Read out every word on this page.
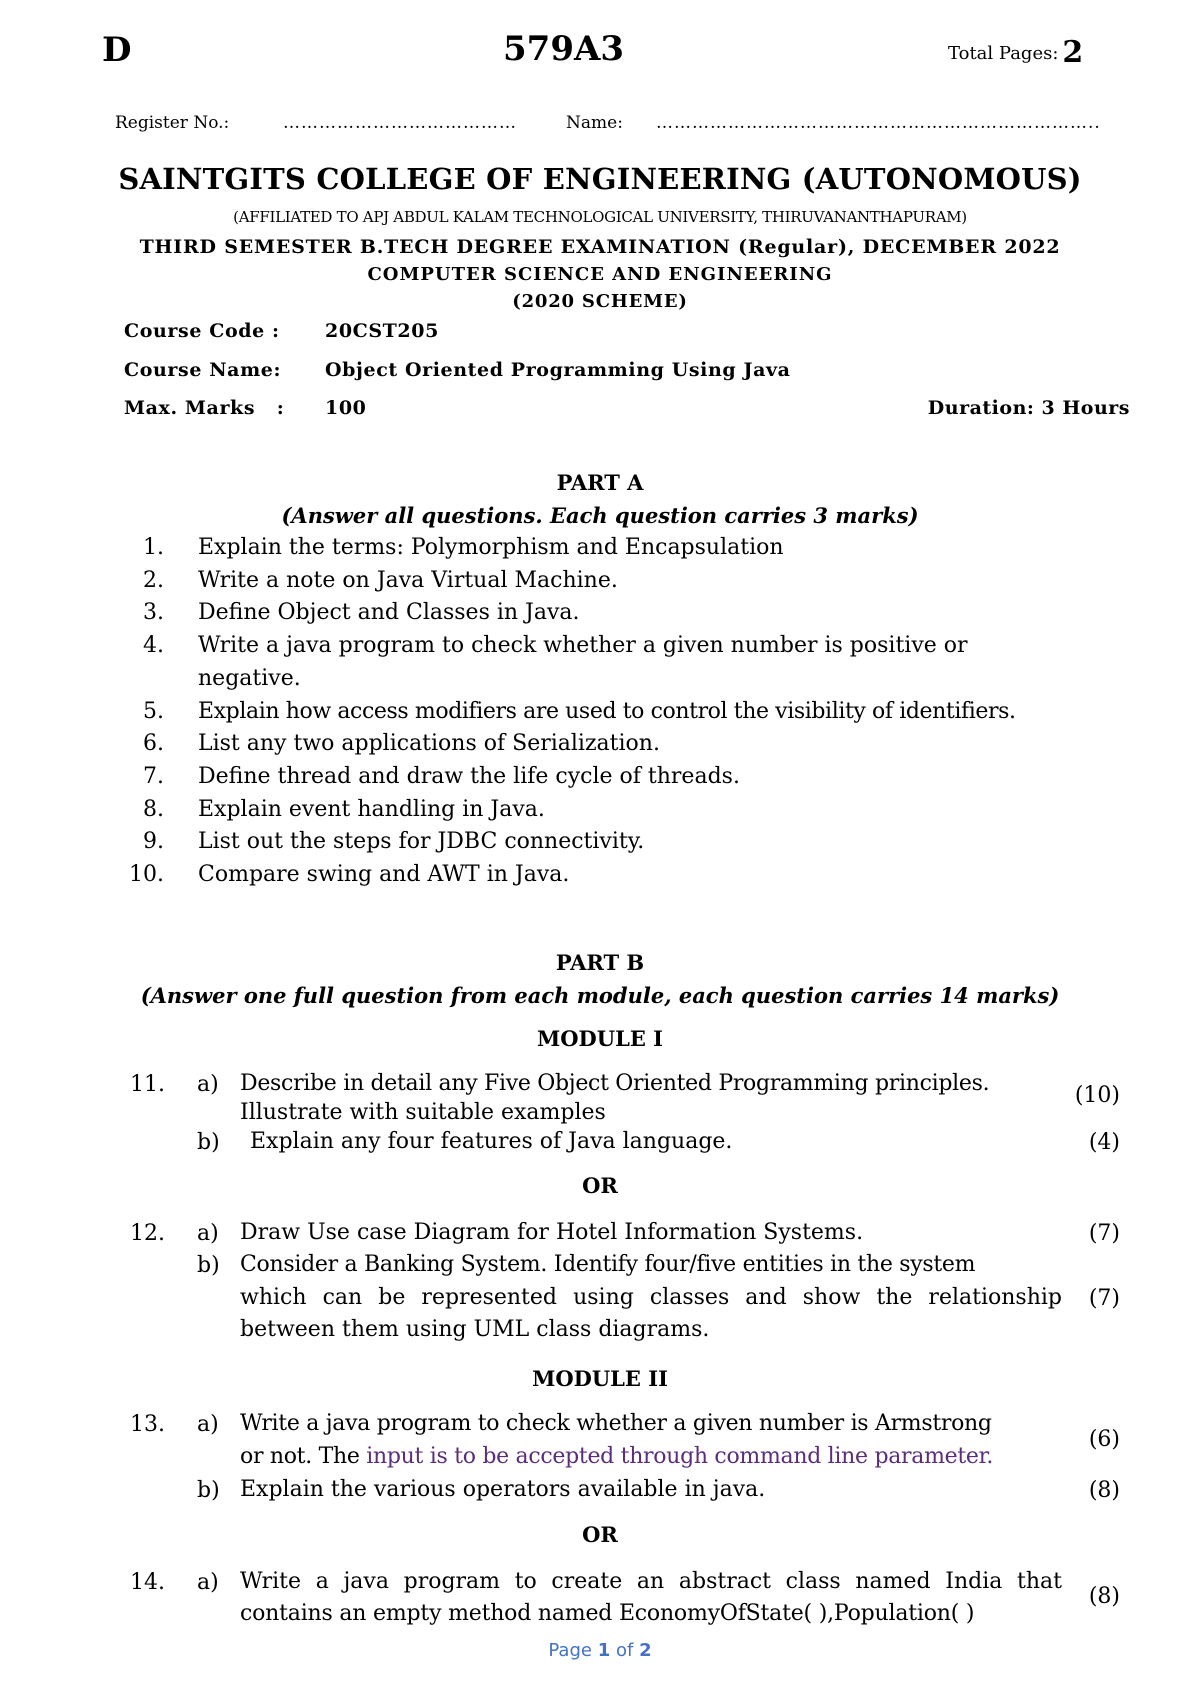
D	579A3	Total Pages: 2
Register No.:	…………………………………	Name: ………………………………………………………………..
SAINTGITS COLLEGE OF ENGINEERING (AUTONOMOUS)
(AFFILIATED TO APJ ABDUL KALAM TECHNOLOGICAL UNIVERSITY, THIRUVANANTHAPURAM)
THIRD SEMESTER B.TECH DEGREE EXAMINATION (Regular), DECEMBER 2022
COMPUTER SCIENCE AND ENGINEERING
(2020 SCHEME)
Course Code : 20CST205
Course Name: Object Oriented Programming Using Java
Max. Marks   : 100	Duration: 3 Hours
PART A
(Answer all questions. Each question carries 3 marks)
1. Explain the terms: Polymorphism and Encapsulation
2. Write a note on Java Virtual Machine.
3. Define Object and Classes in Java.
4. Write a java program to check whether a given number is positive or
negative.
5. Explain how access modifiers are used to control the visibility of identifiers.
6. List any two applications of Serialization.
7. Define thread and draw the life cycle of threads.
8. Explain event handling in Java.
9. List out the steps for JDBC connectivity.
10. Compare swing and AWT in Java.
PART B
(Answer one full question from each module, each question carries 14 marks)
MODULE I
11. a) Describe in detail any Five Object Oriented Programming principles.
Illustrate with suitable examples
(10)
b) Explain any four features of Java language.	(4)
OR
12. a) Draw Use case Diagram for Hotel Information Systems.	(7)
b) Consider a Banking System. Identify four/five entities in the system
which can be represented using classes and show the relationship
between them using UML class diagrams.
(7)
MODULE II
13. a) Write a java program to check whether a given number is Armstrong
or not. The input is to be accepted through command line parameter.
(6)
b) Explain the various operators available in java.	(8)
OR
14. a) Write a java program to create an abstract class named India that
contains an empty method named EconomyOfState( ),Population( )
(8)
Page 1 of 2
